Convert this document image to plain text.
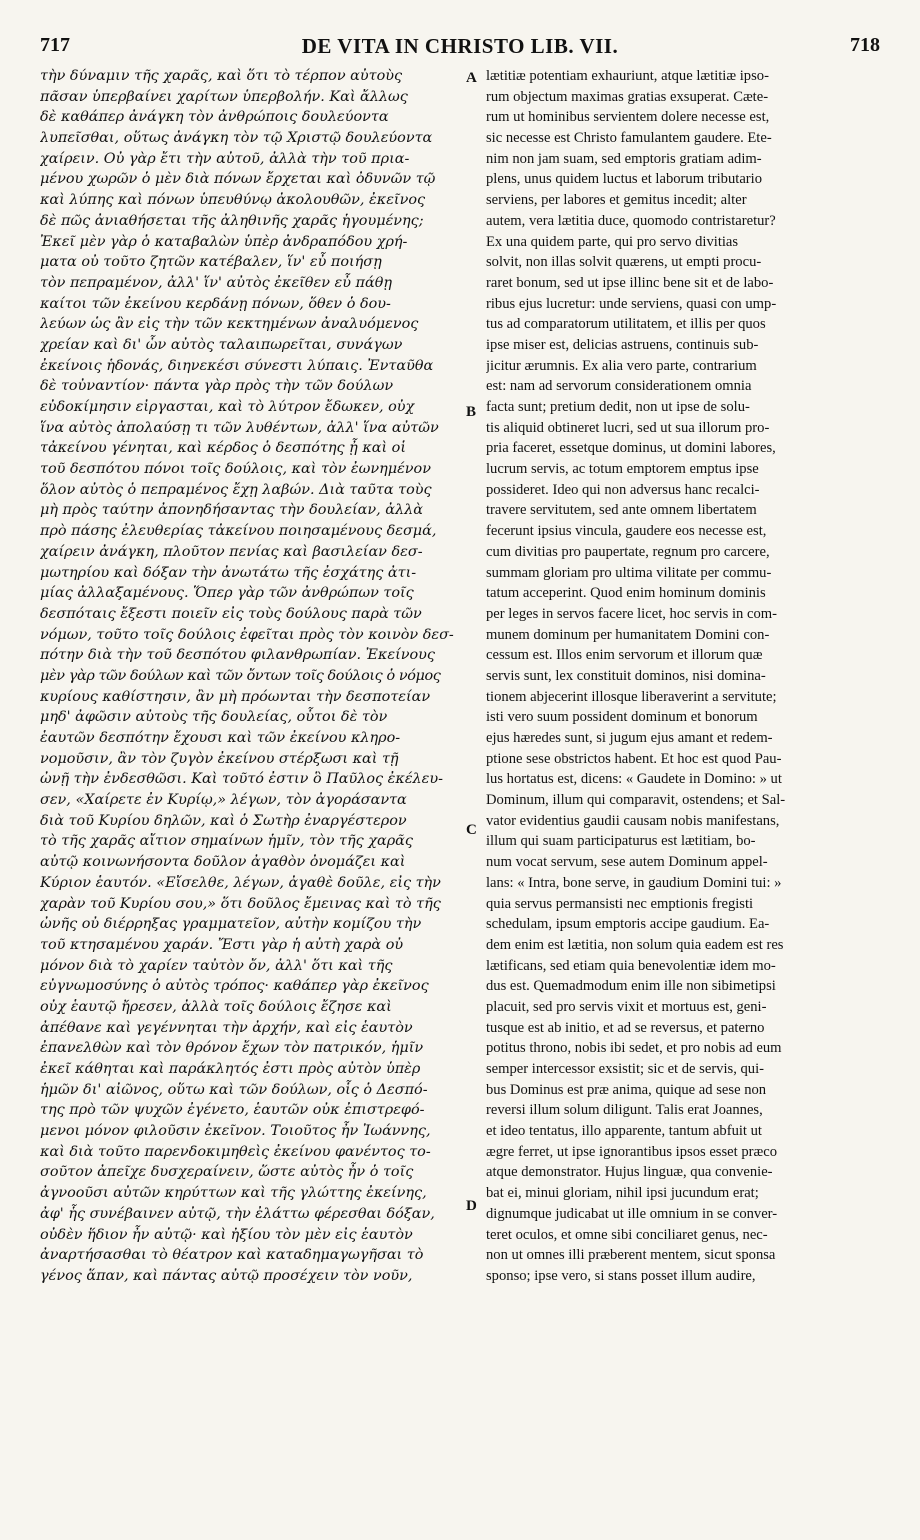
717	DE VITA IN CHRISTO LIB. VII.	718
τὴν δύναμιν τῆς χαρᾶς, καὶ ὅτι τὸ τέρπον αὐτοὺς
πᾶσαν ὑπερβαίνει χαρίτων ὑπερβολήν. Καὶ ἄλλως
δὲ καθάπερ ἀνάγκη τὸν ἀνθρώποις δουλεύοντα
λυπεῖσθαι, οὕτως ἀνάγκη τὸν τῷ Χριστῷ δουλεύοντα
χαίρειν. Οὐ γὰρ ἔτι τὴν αὐτοῦ, ἀλλὰ τὴν τοῦ πρια-
μένου χωρῶν ὁ μὲν διὰ πόνων ἔρχεται καὶ ὀδυνῶν τῷ
καὶ λύπης καὶ πόνων ὑπευθύνῳ ἀκολουθῶν, ἐκεῖνος
δὲ πῶς ἀνιαθήσεται τῆς ἀληθινῆς χαρᾶς ἡγουμένης;
Ἐκεῖ μὲν γὰρ ὁ καταβαλὼν ὑπὲρ ἀνδραπόδου χρή-
ματα οὐ τοῦτο ζητῶν κατέβαλεν, ἵν' εὖ ποιήσῃ
τὸν πεπραμένον, ἀλλ' ἵν' αὐτὸς ἐκεῖθεν εὖ πάθῃ
καίτοι τῶν ἐκείνου κερδάνῃ πόνων, ὅθεν ὁ δου-
λεύων ὡς ἂν εἰς τὴν τῶν κεκτημένων ἀναλυόμενος
χρείαν καὶ δι' ὧν αὐτὸς ταλαιπωρεῖται, συνάγων
ἐκείνοις ἡδονάς, διηνεκέσι σύνεστι λύπαις. Ἐνταῦθα
δὲ τοὐναντίον· πάντα γὰρ πρὸς τὴν τῶν δούλων
εὐδοκίμησιν εἰργασται, καὶ τὸ λύτρον ἔδωκεν, οὐχ
ἵνα αὐτὸς ἀπολαύσῃ τι τῶν λυθέντων, ἀλλ' ἵνα αὐτῶν
τἀκείνου γένηται, καὶ κέρδος ὁ δεσπότης ᾖ καὶ οἱ
τοῦ δεσπότου πόνοι τοῖς δούλοις, καὶ τὸν ἐωνημένον
ὅλον αὐτὸς ὁ πεπραμένος ἔχῃ λαβών. Διὰ ταῦτα τοὺς
μὴ πρὸς ταύτην ἀπονηδήσαντας τὴν δουλείαν, ἀλλὰ
πρὸ πάσης ἐλευθερίας τἀκείνου ποιησαμένους δεσμά,
χαίρειν ἀνάγκη, πλοῦτον πενίας καὶ βασιλείαν δεσ-
μωτηρίου καὶ δόξαν τὴν ἀνωτάτω τῆς ἐσχάτης ἀτι-
μίας ἀλλαξαμένους. Ὅπερ γὰρ τῶν ἀνθρώπων τοῖς
δεσπόταις ἔξεστι ποιεῖν εἰς τοὺς δούλους παρὰ τῶν
νόμων, τοῦτο τοῖς δούλοις ἐφεῖται πρὸς τὸν κοινὸν δεσ-
πότην διὰ τὴν τοῦ δεσπότου φιλανθρωπίαν. Ἐκείνους
μὲν γὰρ τῶν δούλων καὶ τῶν ὄντων τοῖς δούλοις ὁ νόμος
κυρίους καθίστησιν, ἂν μὴ πρόωνται τὴν δεσποτείαν
μηδ' ἀφῶσιν αὐτοὺς τῆς δουλείας, οὗτοι δὲ τὸν
ἑαυτῶν δεσπότην ἔχουσι καὶ τῶν ἐκείνου κληρο-
νομοῦσιν, ἂν τὸν ζυγὸν ἐκείνου στέρξωσι καὶ τῇ
ὠνῇ τὴν ἐνδεσθῶσι. Καὶ τοῦτό ἐστιν ὃ Παῦλος ἐκέλευ-
σεν, «Χαίρετε ἐν Κυρίῳ,» λέγων, τὸν ἀγοράσαντα
διὰ τοῦ Κυρίου δηλῶν, καὶ ὁ Σωτὴρ ἐναργέστερον
τὸ τῆς χαρᾶς αἴτιον σημαίνων ἡμῖν, τὸν τῆς χαρᾶς
αὐτῷ κοινωνήσοντα δοῦλον ἀγαθὸν ὀνομάζει καὶ
Κύριον ἑαυτόν. «Εἴσελθε, λέγων, ἀγαθὲ δοῦλε, εἰς τὴν
χαρὰν τοῦ Κυρίου σου,» ὅτι δοῦλος ἔμεινας καὶ τὸ τῆς
ὠνῆς οὐ διέρρηξας γραμματεῖον, αὐτὴν κομίζου τὴν
τοῦ κτησαμένου χαράν. Ἔστι γὰρ ἡ αὐτὴ χαρὰ οὐ
μόνον διὰ τὸ χαρίεν ταὐτὸν ὄν, ἀλλ' ὅτι καὶ τῆς
εὐγνωμοσύνης ὁ αὐτὸς τρόπος· καθάπερ γὰρ ἐκεῖνος
οὐχ ἑαυτῷ ἤρεσεν, ἀλλὰ τοῖς δούλοις ἔζησε καὶ
ἀπέθανε καὶ γεγέννηται τὴν ἀρχήν, καὶ εἰς ἑαυτὸν
ἐπανελθὼν καὶ τὸν θρόνον ἔχων τὸν πατρικόν, ἡμῖν
ἐκεῖ κάθηται καὶ παράκλητός ἐστι πρὸς αὐτὸν ὑπὲρ
ἡμῶν δι' αἰῶνος, οὕτω καὶ τῶν δούλων, οἷς ὁ Δεσπό-
της πρὸ τῶν ψυχῶν ἐγένετο, ἑαυτῶν οὐκ ἐπιστρεφό-
μενοι μόνον φιλοῦσιν ἐκεῖνον. Τοιοῦτος ἦν Ἰωάννης,
καὶ διὰ τοῦτο παρενδοκιμηθεὶς ἐκείνου φανέντος το-
σοῦτον ἀπεῖχε δυσχεραίνειν, ὥστε αὐτὸς ἦν ὁ τοῖς
ἀγνοοῦσι αὐτῶν κηρύττων καὶ τῆς γλώττης ἐκείνης,
ἀφ' ἧς συνέβαινεν αὐτῷ, τὴν ἐλάττω φέρεσθαι δόξαν,
οὐδὲν ἥδιον ἦν αὐτῷ· καὶ ἠξίου τὸν μὲν εἰς ἑαυτὸν
ἀναρτήσασθαι τὸ θέατρον καὶ καταδημαγωγῆσαι τὸ
γένος ἅπαν, καὶ πάντας αὐτῷ προσέχειν τὸν νοῦν,
lætitiæ potentiam exhauriunt, atque lætitiæ ipso-
rum objectum maximas gratias exsuperat. Cæte-
rum ut hominibus servientem dolere necesse est,
sic necesse est Christo famulantem gaudere. Ete-
nim non jam suam, sed emptoris gratiam adim-
plens, unus quidem luctus et laborum tributario
serviens, per labores et gemitus incedit; alter
autem, vera lætitia duce, quomodo contristaretur?
Ex una quidem parte, qui pro servo divitias
solvit, non illas solvit quærens, ut empti procu-
raret bonum, sed ut ipse illinc bene sit et de labo-
ribus ejus lucretur: unde serviens, quasi con ump-
tus ad comparatorum utilitatem, et illis per quos
ipse miser est, delicias astruens, continuis sub-
jicitur ærumnis. Ex alia vero parte, contrarium
est: nam ad servorum considerationem omnia
facta sunt; pretium dedit, non ut ipse de solu-
tis aliquid obtineret lucri, sed ut sua illorum pro-
pria faceret, essetque dominus, ut domini labores,
lucrum servis, ac totum emptorem emptus ipse
possideret. Ideo qui non adversus hanc recalci-
travere servitutem, sed ante omnem libertatem
fecerunt ipsius vincula, gaudere eos necesse est,
cum divitias pro paupertate, regnum pro carcere,
summam gloriam pro ultima vilitate per commu-
tatum acceperint. Quod enim hominum dominis
per leges in servos facere licet, hoc servis in com-
munem dominum per humanitatem Domini con-
cessum est. Illos enim servorum et illorum quæ
servis sunt, lex constituit dominos, nisi domina-
tionem abjecerint illosque liberaverint a servitute;
isti vero suum possident dominum et bonorum
ejus hæredes sunt, si jugum ejus amant et redem-
ptione sese obstrictos habent. Et hoc est quod Pau-
lus hortatus est, dicens: « Gaudete in Domino: » ut
Dominum, illum qui comparavit, ostendens; et Sal-
vator evidentius gaudii causam nobis manifestans,
illum qui suam participaturus est lætitiam, bo-
num vocat servum, sese autem Dominum appel-
lans: « Intra, bone serve, in gaudium Domini tui: »
quia servus permansisti nec emptionis fregisti
schedulam, ipsum emptoris accipe gaudium. Ea-
dem enim est lætitia, non solum quia eadem est res
lætificans, sed etiam quia benevolentiæ idem mo-
dus est. Quemadmodum enim ille non sibimetipsi
placuit, sed pro servis vixit et mortuus est, geni-
tusque est ab initio, et ad se reversus, et paterno
potitus throno, nobis ibi sedet, et pro nobis ad eum
semper intercessor exsistit; sic et de servis, qui-
bus Dominus est præ anima, quique ad sese non
reversi illum solum diligunt. Talis erat Joannes,
et ideo tentatus, illo apparente, tantum abfuit ut
ægre ferret, ut ipse ignorantibus ipsos esset præco
atque demonstrator. Hujus linguæ, qua convenie-
bat ei, minui gloriam, nihil ipsi jucundum erat;
dignumque judicabat ut ille omnium in se conver-
teret oculos, et omne sibi conciliaret genus, nec-
non ut omnes illi præberent mentem, sicut sponsa
sponso; ipse vero, si stans posset illum audire,
A
B
C
D
